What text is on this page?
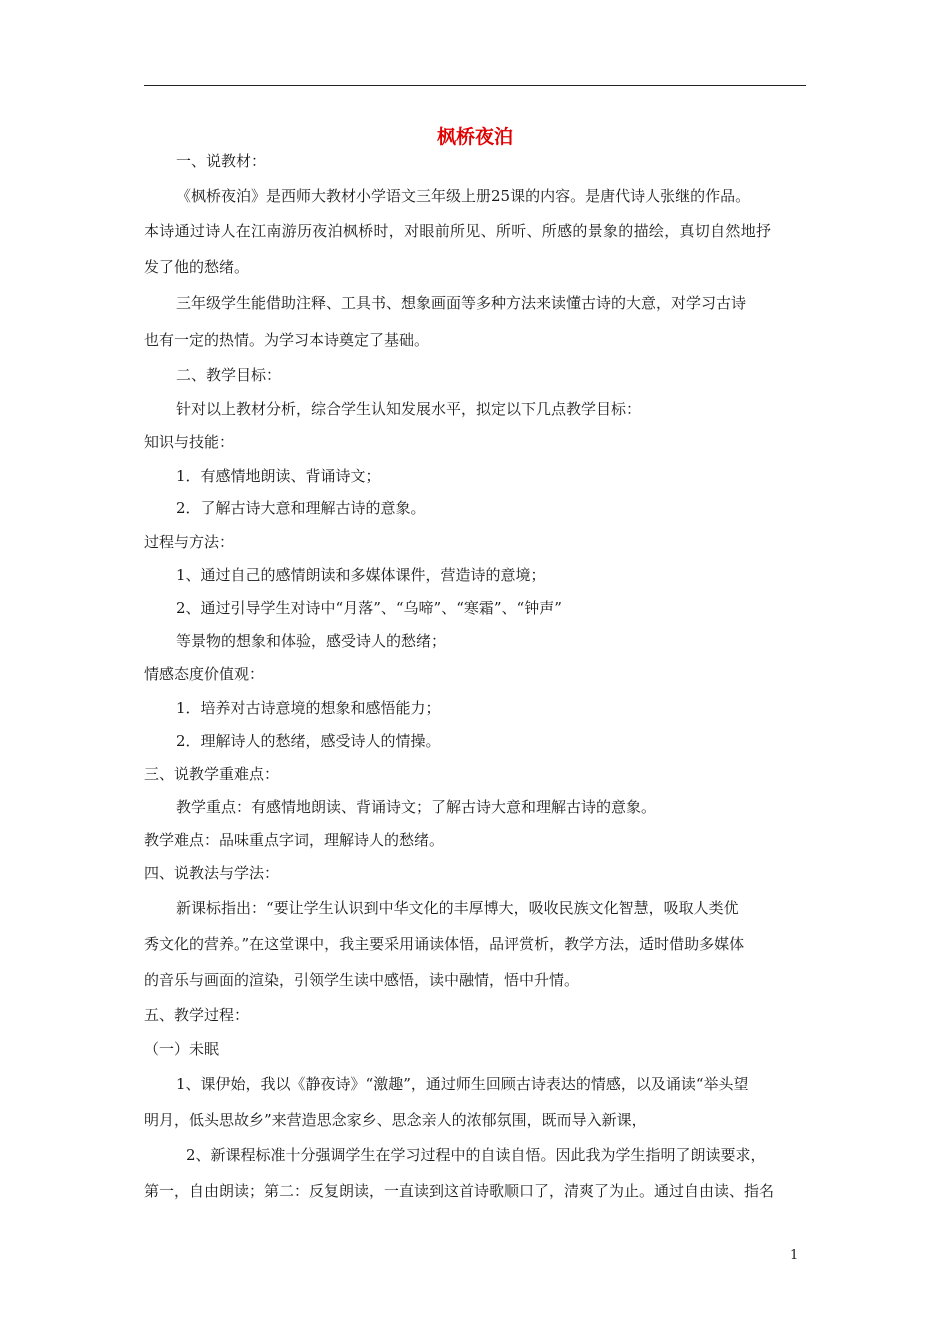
枫桥夜泊
一、说教材：
《枫桥夜泊》是西师大教材小学语文三年级上册25课的内容。是唐代诗人张继的作品。
本诗通过诗人在江南游历夜泊枫桥时，对眼前所见、所听、所感的景象的描绘，真切自然地抒
发了他的愁绪。
三年级学生能借助注释、工具书、想象画面等多种方法来读懂古诗的大意，对学习古诗
也有一定的热情。为学习本诗奠定了基础。
二、教学目标：
针对以上教材分析，综合学生认知发展水平，拟定以下几点教学目标：
知识与技能：
1．有感情地朗读、背诵诗文；
2．了解古诗大意和理解古诗的意象。
过程与方法：
1、通过自己的感情朗读和多媒体课件，营造诗的意境；
2、通过引导学生对诗中“月落”、“乌啼”、“寒霜”、“钟声”
等景物的想象和体验，感受诗人的愁绪；
情感态度价值观：
1．培养对古诗意境的想象和感悟能力；
2．理解诗人的愁绪，感受诗人的情操。
三、说教学重难点：
教学重点：有感情地朗读、背诵诗文；了解古诗大意和理解古诗的意象。
教学难点：品味重点字词，理解诗人的愁绪。
四、说教法与学法：
新课标指出：“要让学生认识到中华文化的丰厚博大，吸收民族文化智慧，吸取人类优
秀文化的营养。”在这堂课中，我主要采用诵读体悟，品评赏析，教学方法，适时借助多媒体
的音乐与画面的渲染，引领学生读中感悟，读中融情，悟中升情。
五、教学过程：
（一）未眠
1、课伊始，我以《静夜诗》“激趣”，通过师生回顾古诗表达的情感，以及诵读“举头望
明月，低头思故乡”来营造思念家乡、思念亲人的浓郁氛围，既而导入新课，
2、新课程标准十分强调学生在学习过程中的自读自悟。因此我为学生指明了朗读要求，
第一，自由朗读；第二：反复朗读，一直读到这首诗歌顺口了，清爽了为止。通过自由读、指名
1
